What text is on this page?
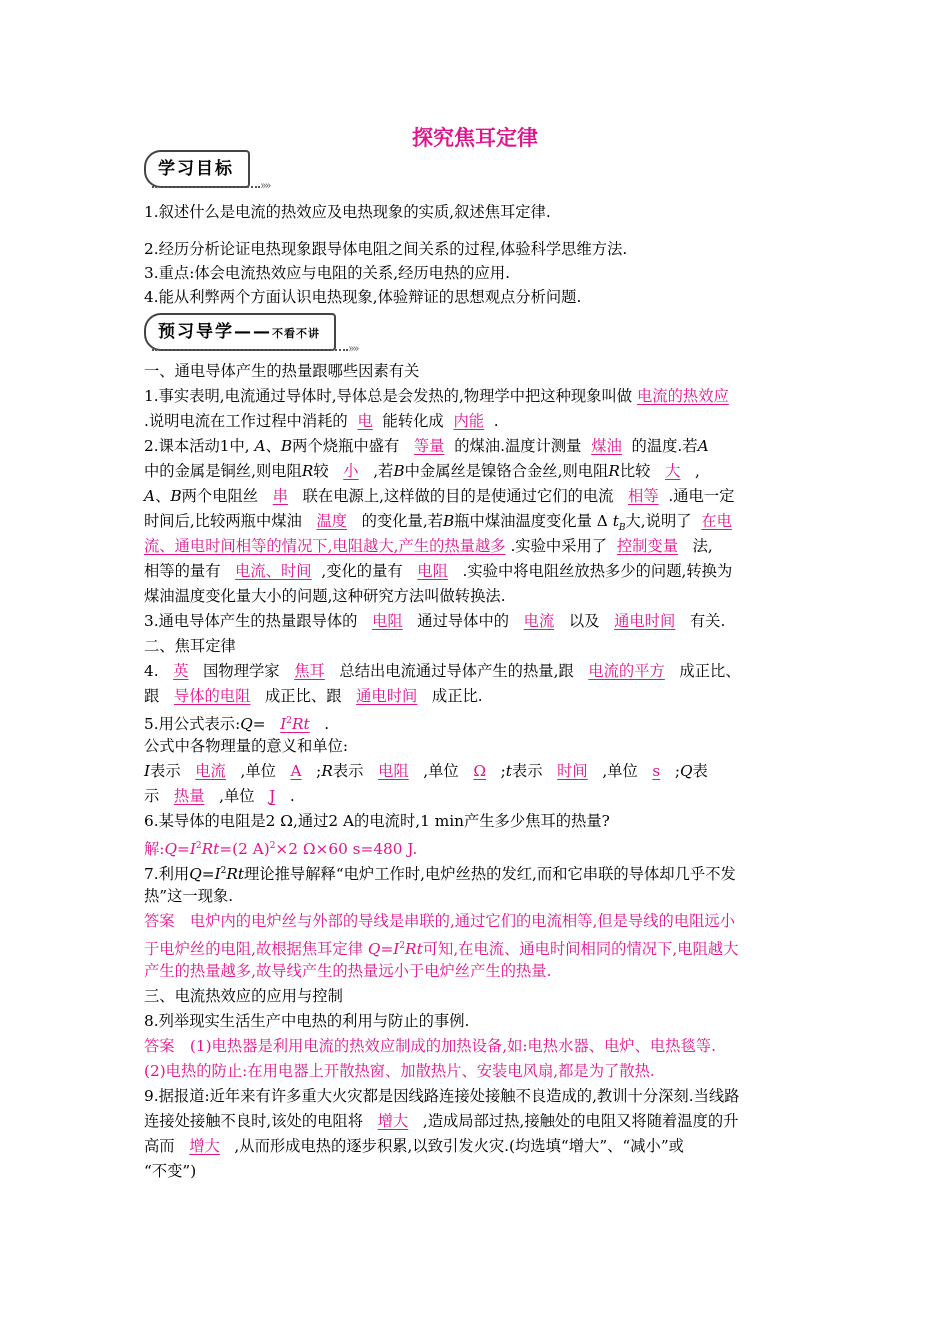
探究焦耳定律
学习目标
»»
预习导学——不看不讲
»»
1.叙述什么是电流的热效应及电热现象的实质,叙述焦耳定律.
2.经历分析论证电热现象跟导体电阻之间关系的过程,体验科学思维方法.
3.重点:体会电流热效应与电阻的关系,经历电热的应用.
4.能从利弊两个方面认识电热现象,体验辩证的思想观点分析问题.
一、通电导体产生的热量跟哪些因素有关
1.事实表明,电流通过导体时,导体总是会发热的,物理学中把这种现象叫做 电流的热效应
.说明电流在工作过程中消耗的 电 能转化成 内能 .
2.课本活动1中, A、B两个烧瓶中盛有 等量 的煤油.温度计测量 煤油 的温度.若A
中的金属是铜丝,则电阻R较 小 ,若B中金属丝是镍铬合金丝,则电阻R比较 大 ,
A、B两个电阻丝 串 联在电源上,这样做的目的是使通过它们的电流 相等 .通电一定
时间后,比较两瓶中煤油 温度 的变化量,若B瓶中煤油温度变化量 Δ $t_B$大,说明了 在电
流、通电时间相等的情况下,电阻越大,产生的热量越多 .实验中采用了 控制变量 法,
相等的量有 电流、时间 ,变化的量有 电阻 .实验中将电阻丝放热多少的问题,转换为
煤油温度变化量大小的问题,这种研究方法叫做转换法.
3.通电导体产生的热量跟导体的 电阻 通过导体中的 电流 以及 通电时间 有关.
二、焦耳定律
4. 英 国物理学家 焦耳 总结出电流通过导体产生的热量,跟 电流的平方 成正比、
跟 导体的电阻 成正比、跟 通电时间 成正比.
5.用公式表示:Q= $I^2Rt$ .
公式中各物理量的意义和单位:
I表示 电流 ,单位 A ;R表示 电阻 ,单位 Ω ;t表示 时间 ,单位 s ;Q表
示 热量 ,单位 J .
6.某导体的电阻是2 Ω,通过2 A的电流时,1 min产生多少焦耳的热量?
解$:Q=I^2Rt=(2$ A)$^2$×2 Ω×60 s=480 J.
7.利用$Q=I^2Rt$理论推导解释“电炉工作时,电炉丝热的发红,而和它串联的导体却几乎不发
热”这一现象.
答案　电炉内的电炉丝与外部的导线是串联的,通过它们的电流相等,但是导线的电阻远小
于电炉丝的电阻,故根据焦耳定律 $Q=I^2Rt$可知,在电流、通电时间相同的情况下,电阻越大
产生的热量越多,故导线产生的热量远小于电炉丝产生的热量.
三、电流热效应的应用与控制
8.列举现实生活生产中电热的利用与防止的事例.
答案　(1)电热器是利用电流的热效应制成的加热设备,如:电热水器、电炉、电热毯等.
(2)电热的防止:在用电器上开散热窗、加散热片、安装电风扇,都是为了散热.
9.据报道:近年来有许多重大火灾都是因线路连接处接触不良造成的,教训十分深刻.当线路
连接处接触不良时,该处的电阻将 增大 ,造成局部过热,接触处的电阻又将随着温度的升
高而 增大 ,从而形成电热的逐步积累,以致引发火灾.(均选填“增大”、“减小”或
“不变”)
